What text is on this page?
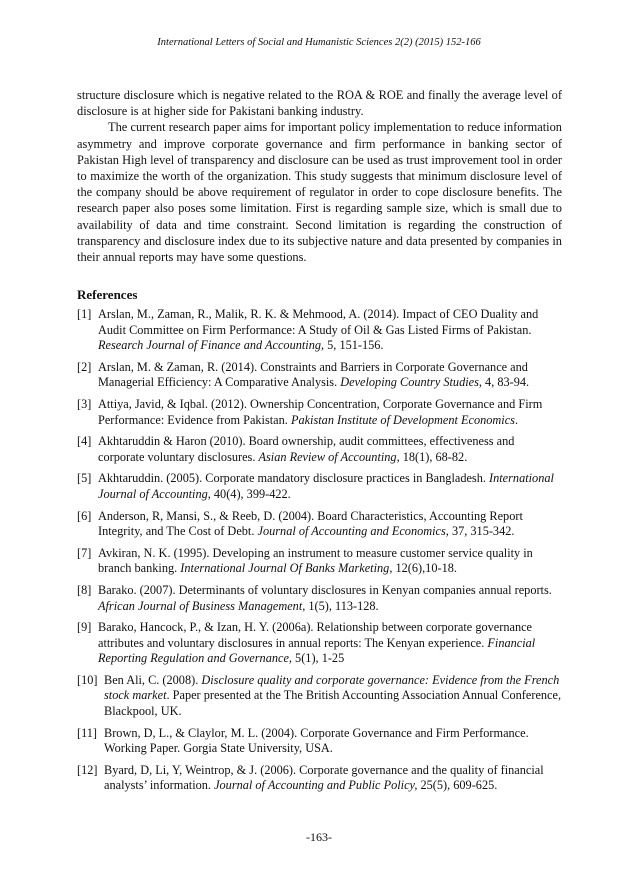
International Letters of Social and Humanistic Sciences 2(2) (2015) 152-166

structure disclosure which is negative related to the ROA & ROE and finally the average level of disclosure is at higher side for Pakistani banking industry.

The current research paper aims for important policy implementation to reduce information asymmetry and improve corporate governance and firm performance in banking sector of Pakistan High level of transparency and disclosure can be used as trust improvement tool in order to maximize the worth of the organization. This study suggests that minimum disclosure level of the company should be above requirement of regulator in order to cope disclosure benefits. The research paper also poses some limitation. First is regarding sample size, which is small due to availability of data and time constraint. Second limitation is regarding the construction of transparency and disclosure index due to its subjective nature and data presented by companies in their annual reports may have some questions.

References
[1] Arslan, M., Zaman, R., Malik, R. K. & Mehmood, A. (2014). Impact of CEO Duality and Audit Committee on Firm Performance: A Study of Oil & Gas Listed Firms of Pakistan. Research Journal of Finance and Accounting, 5, 151-156.
[2] Arslan, M. & Zaman, R. (2014). Constraints and Barriers in Corporate Governance and Managerial Efficiency: A Comparative Analysis. Developing Country Studies, 4, 83-94.
[3] Attiya, Javid, & Iqbal. (2012). Ownership Concentration, Corporate Governance and Firm Performance: Evidence from Pakistan. Pakistan Institute of Development Economics.
[4] Akhtaruddin & Haron (2010). Board ownership, audit committees, effectiveness and corporate voluntary disclosures. Asian Review of Accounting, 18(1), 68-82.
[5] Akhtaruddin. (2005). Corporate mandatory disclosure practices in Bangladesh. International Journal of Accounting, 40(4), 399-422.
[6] Anderson, R, Mansi, S., & Reeb, D. (2004). Board Characteristics, Accounting Report Integrity, and The Cost of Debt. Journal of Accounting and Economics, 37, 315-342.
[7] Avkiran, N. K. (1995). Developing an instrument to measure customer service quality in branch banking. International Journal Of Banks Marketing, 12(6),10-18.
[8] Barako. (2007). Determinants of voluntary disclosures in Kenyan companies annual reports. African Journal of Business Management, 1(5), 113-128.
[9] Barako, Hancock, P., & Izan, H. Y. (2006a). Relationship between corporate governance attributes and voluntary disclosures in annual reports: The Kenyan experience. Financial Reporting Regulation and Governance, 5(1), 1-25
[10] Ben Ali, C. (2008). Disclosure quality and corporate governance: Evidence from the French stock market. Paper presented at the The British Accounting Association Annual Conference, Blackpool, UK.
[11] Brown, D, L., & Claylor, M. L. (2004). Corporate Governance and Firm Performance. Working Paper. Gorgia State University, USA.
[12] Byard, D, Li, Y, Weintrop, & J. (2006). Corporate governance and the quality of financial analysts’ information. Journal of Accounting and Public Policy, 25(5), 609-625.
-163-
